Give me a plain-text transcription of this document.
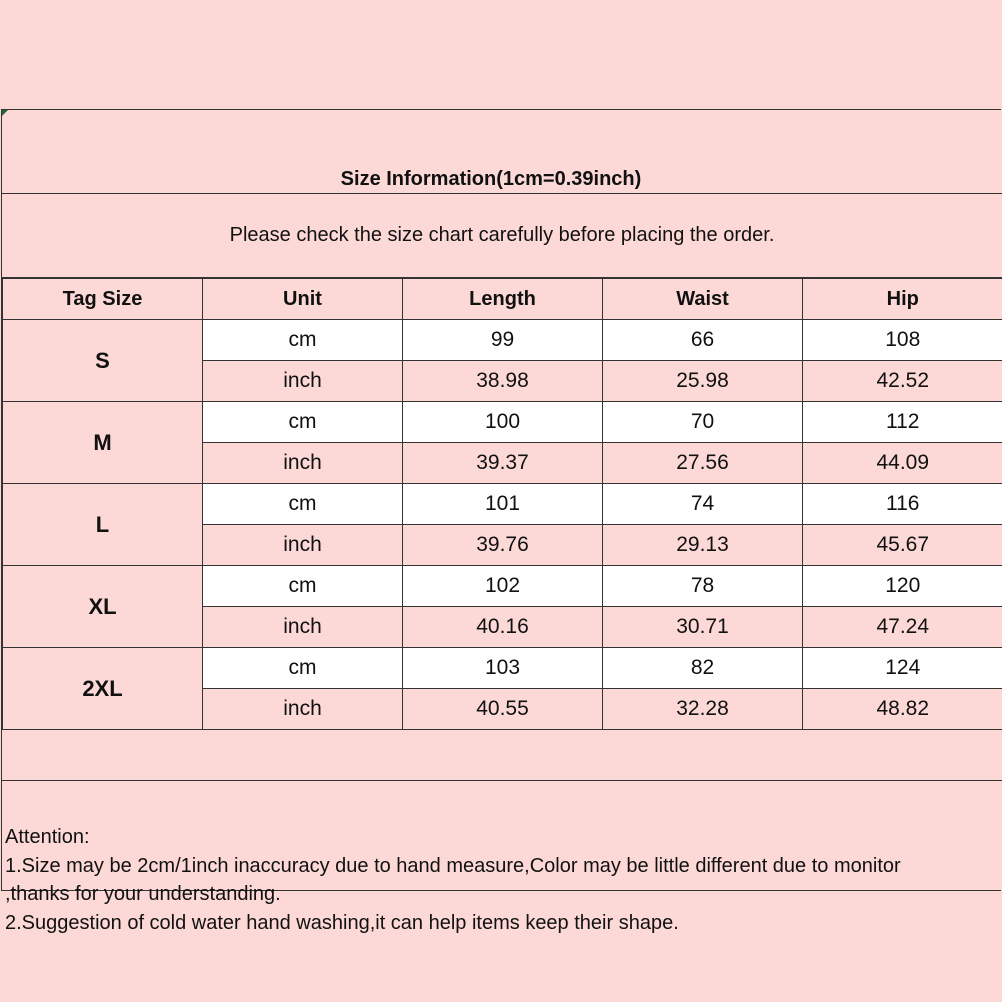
Size Information(1cm=0.39inch)
Please check the size chart carefully before placing the order.
Tag Size	Unit	Length	Waist	Hip
S	cm	99	66	108
	inch	38.98	25.98	42.52
M	cm	100	70	112
	inch	39.37	27.56	44.09
L	cm	101	74	116
	inch	39.76	29.13	45.67
XL	cm	102	78	120
	inch	40.16	30.71	47.24
2XL	cm	103	82	124
	inch	40.55	32.28	48.82
Attention:
1.Size may be 2cm/1inch inaccuracy due to hand measure,Color may be little different due to monitor
,thanks for your understanding.
2.Suggestion of cold water hand washing,it can help items keep their shape.
